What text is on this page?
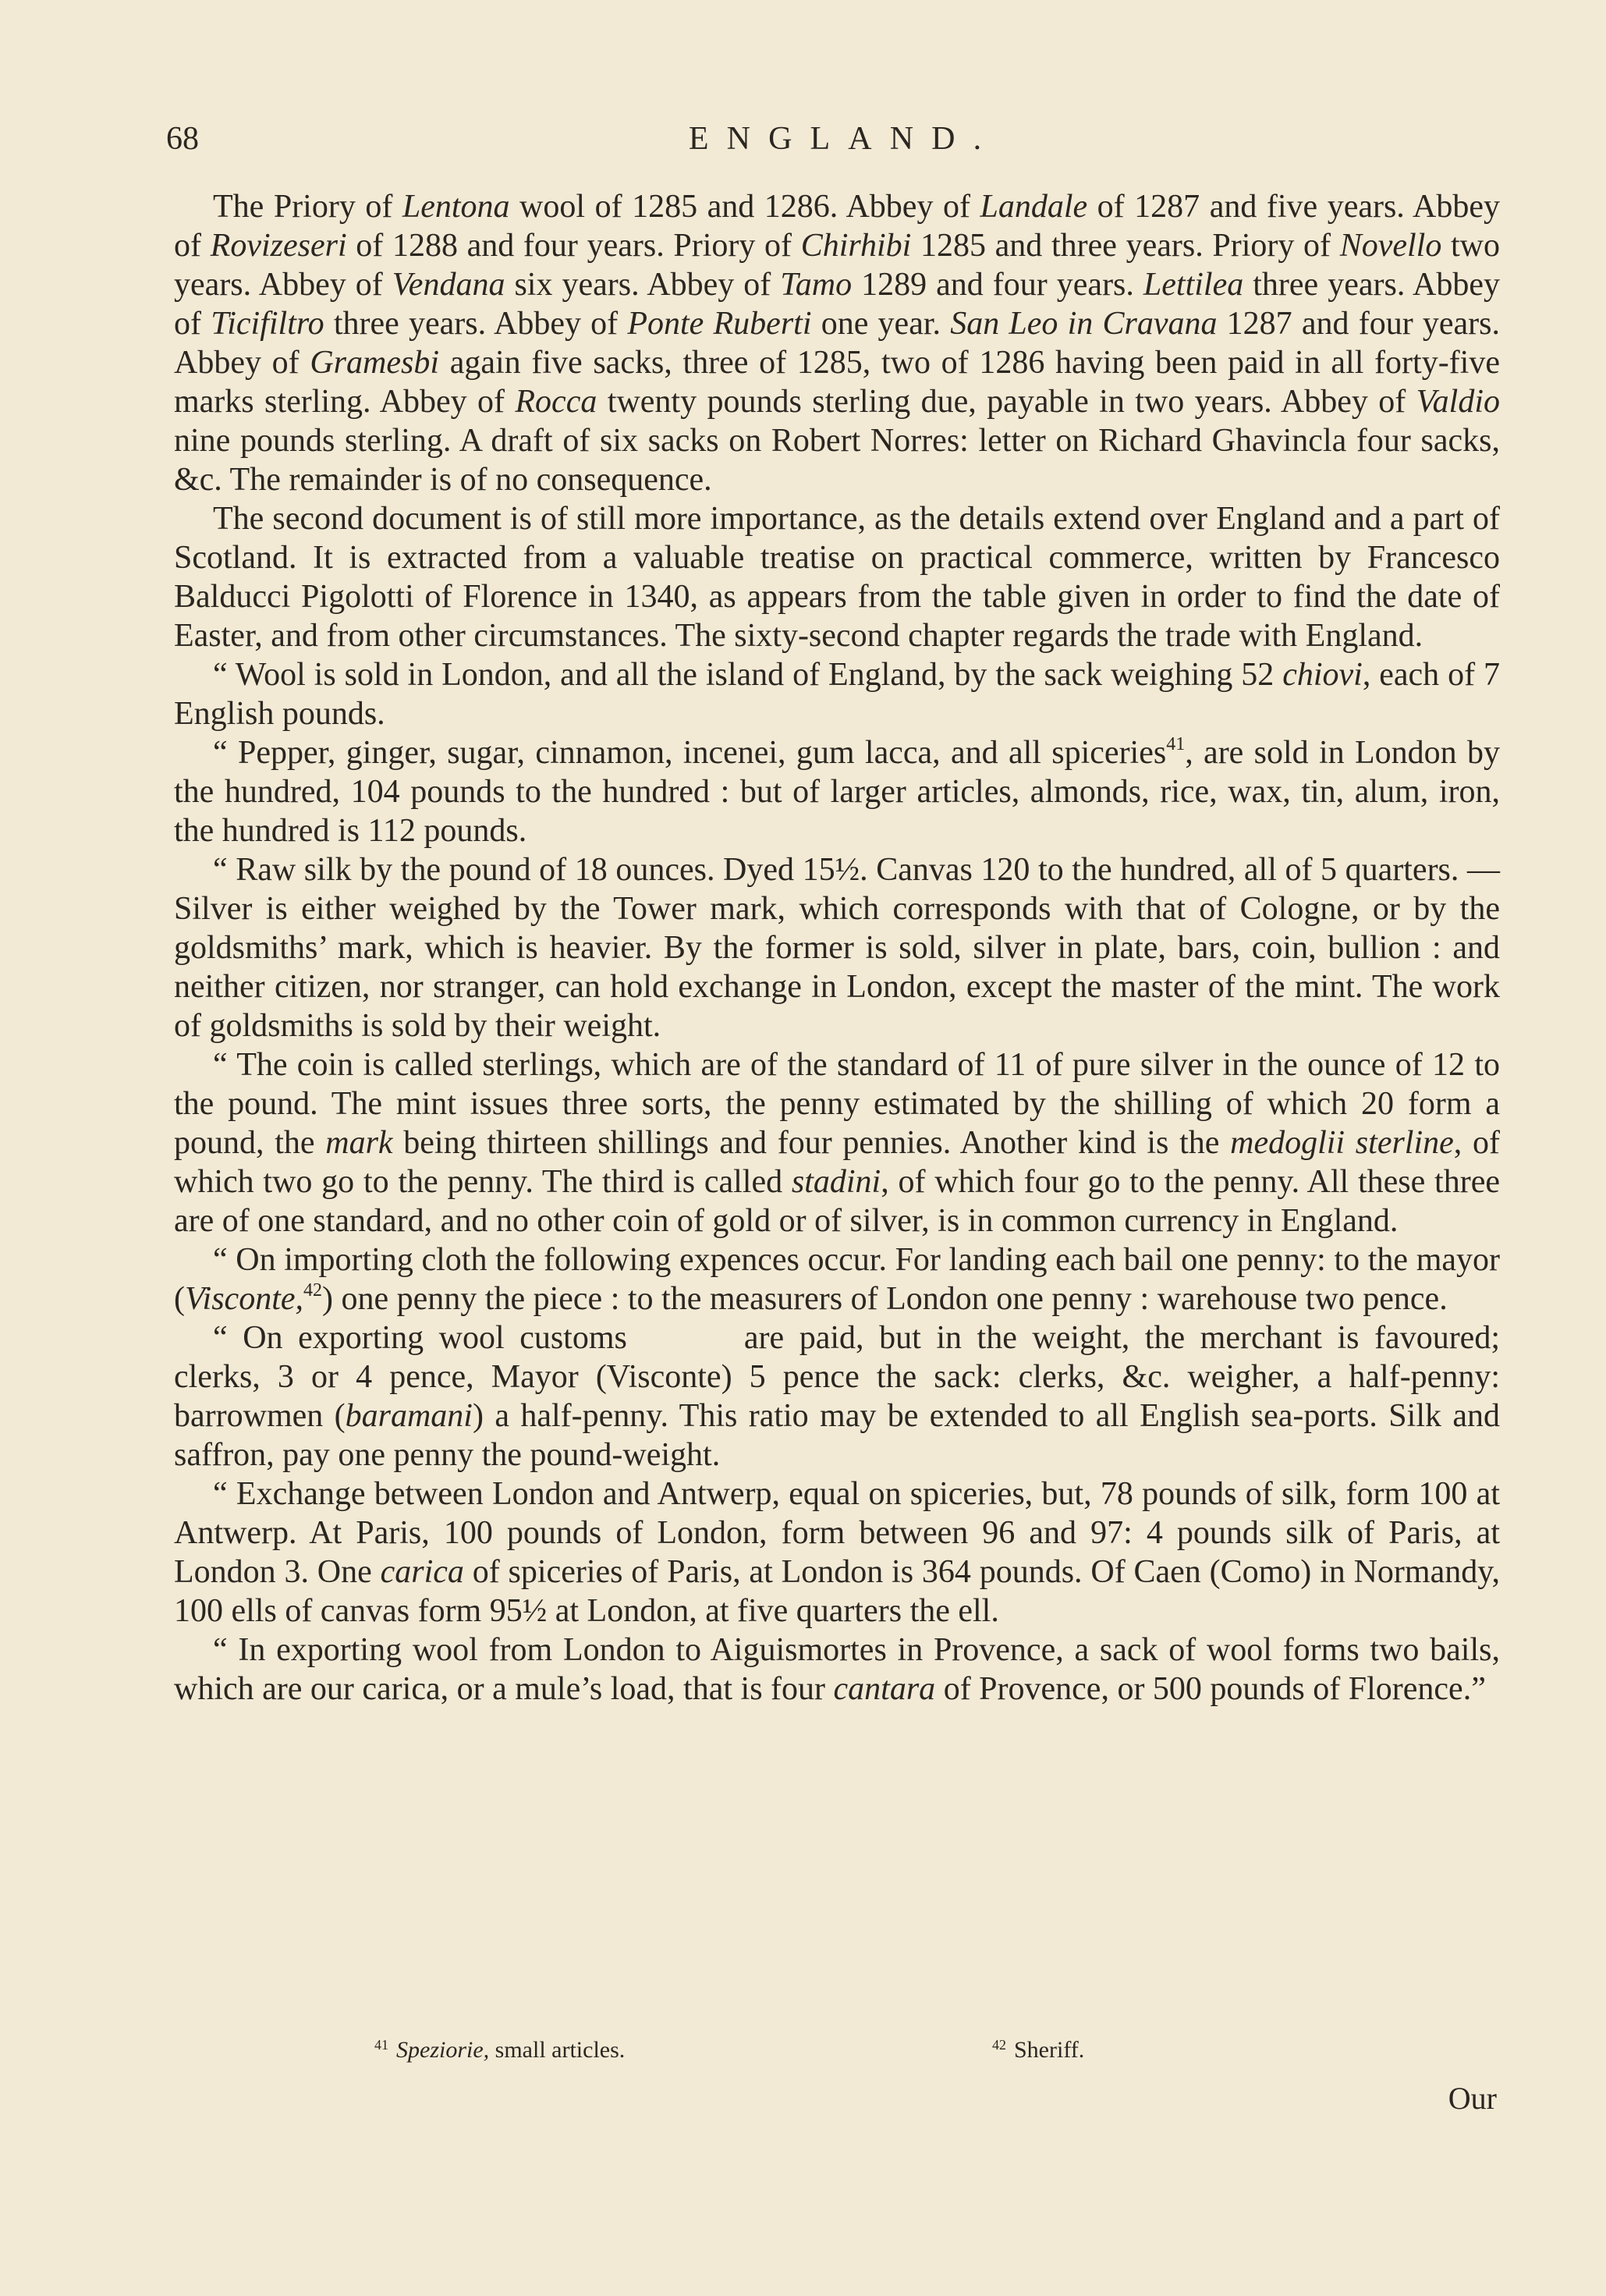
68	ENGLAND.

The Priory of Lentona wool of 1285 and 1286. Abbey of Landale of 1287 and five years. Abbey of Rovizeseri of 1288 and four years. Priory of Chirhibi 1285 and three years. Priory of Novello two years. Abbey of Vendana six years. Abbey of Tamo 1289 and four years. Lettilea three years. Abbey of Ticifiltro three years. Abbey of Ponte Ruberti one year. San Leo in Cravana 1287 and four years. Abbey of Gramesbi again five sacks, three of 1285, two of 1286 having been paid in all forty-five marks sterling. Abbey of Rocca twenty pounds sterling due, payable in two years. Abbey of Valdio nine pounds sterling. A draft of six sacks on Robert Norres: letter on Richard Ghavincla four sacks, &c. The remainder is of no consequence.

The second document is of still more importance, as the details extend over England and a part of Scotland. It is extracted from a valuable treatise on practical commerce, written by Francesco Balducci Pigolotti of Florence in 1340, as appears from the table given in order to find the date of Easter, and from other circumstances. The sixty-second chapter regards the trade with England.

“ Wool is sold in London, and all the island of England, by the sack weighing 52 chiovi, each of 7 English pounds.

“ Pepper, ginger, sugar, cinnamon, incenei, gum lacca, and all spiceries$^{41}$, are sold in London by the hundred, 104 pounds to the hundred : but of larger articles, almonds, rice, wax, tin, alum, iron, the hundred is 112 pounds.

“ Raw silk by the pound of 18 ounces. Dyed 15½. Canvas 120 to the hundred, all of 5 quarters. — Silver is either weighed by the Tower mark, which corresponds with that of Cologne, or by the goldsmiths’ mark, which is heavier. By the former is sold, silver in plate, bars, coin, bullion : and neither citizen, nor stranger, can hold exchange in London, except the master of the mint. The work of goldsmiths is sold by their weight.

“ The coin is called sterlings, which are of the standard of 11 of pure silver in the ounce of 12 to the pound. The mint issues three sorts, the penny estimated by the shilling of which 20 form a pound, the mark being thirteen shillings and four pennies. Another kind is the medoglii sterline, of which two go to the penny. The third is called stadini, of which four go to the penny. All these three are of one standard, and no other coin of gold or of silver, is in common currency in England.

“ On importing cloth the following expences occur. For landing each bail one penny: to the mayor (Visconte,$^{42}$) one penny the piece : to the measurers of London one penny : warehouse two pence.

“ On exporting wool customs	are paid, but in the weight, the merchant is favoured; clerks, 3 or 4 pence, Mayor (Visconte) 5 pence the sack: clerks, &c. weigher, a half-penny: barrowmen (baramani) a half-penny. This ratio may be extended to all English sea-ports. Silk and saffron, pay one penny the pound-weight.

“ Exchange between London and Antwerp, equal on spiceries, but, 78 pounds of silk, form 100 at Antwerp. At Paris, 100 pounds of London, form between 96 and 97: 4 pounds silk of Paris, at London 3. One carica of spiceries of Paris, at London is 364 pounds. Of Caen (Como) in Normandy, 100 ells of canvas form 95½ at London, at five quarters the ell.

“ In exporting wool from London to Aiguismortes in Provence, a sack of wool forms two bails, which are our carica, or a mule’s load, that is four cantara of Provence, or 500 pounds of Florence.”

$^{41}$ Speziorie, small articles.	$^{42}$ Sheriff.
Our
